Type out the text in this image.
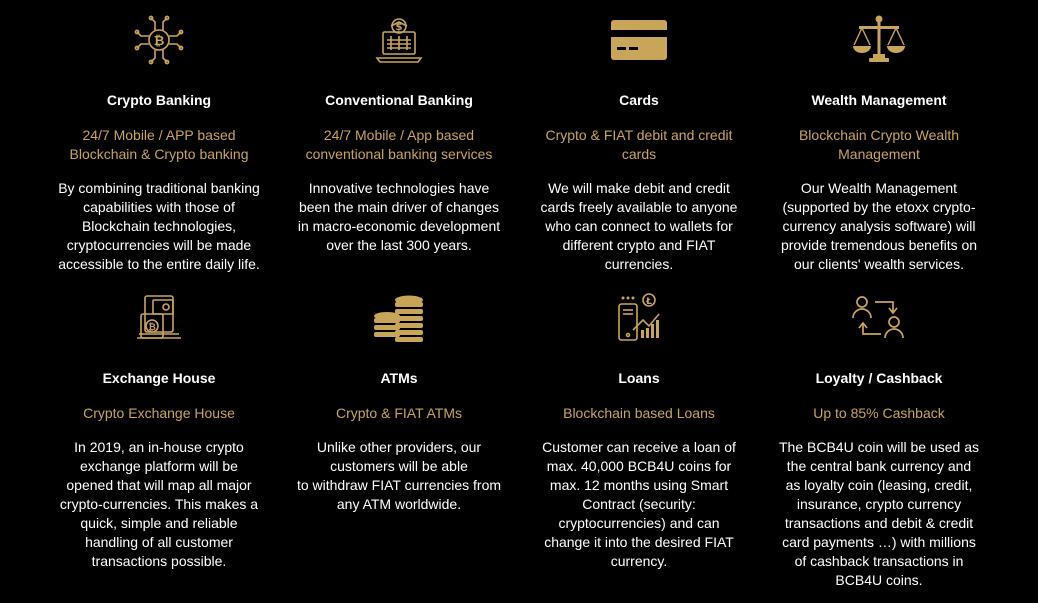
₿
Crypto Banking
24/7 Mobile / APP based
Blockchain & Crypto banking
By combining traditional banking
capabilities with those of
Blockchain technologies,
cryptocurrencies will be made
accessible to the entire daily life.
$
Conventional Banking
24/7 Mobile / App based
conventional banking services
Innovative technologies have
been the main driver of changes
in macro-economic development
over the last 300 years.
Cards
Crypto & FIAT debit and credit
cards
We will make debit and credit
cards freely available to anyone
who can connect to wallets for
different crypto and FIAT
currencies.
Wealth Management
Blockchain Crypto Wealth
Management
Our Wealth Management
(supported by the etoxx crypto-
currency analysis software) will
provide tremendous benefits on
our clients' wealth services.
₿
Exchange House
Crypto Exchange House
In 2019, an in-house crypto
exchange platform will be
opened that will map all major
crypto-currencies. This makes a
quick, simple and reliable
handling of all customer
transactions possible.
ATMs
Crypto & FIAT ATMs
Unlike other providers, our
customers will be able
to withdraw FIAT currencies from
any ATM worldwide.
Ł
Loans
Blockchain based Loans
Customer can receive a loan of
max. 40,000 BCB4U coins for
max. 12 months using Smart
Contract (security:
cryptocurrencies) and can
change it into the desired FIAT
currency.
Loyalty / Cashback
Up to 85% Cashback
The BCB4U coin will be used as
the central bank currency and
as loyalty coin (leasing, credit,
insurance, crypto currency
transactions and debit & credit
card payments …) with millions
of cashback transactions in
BCB4U coins.
